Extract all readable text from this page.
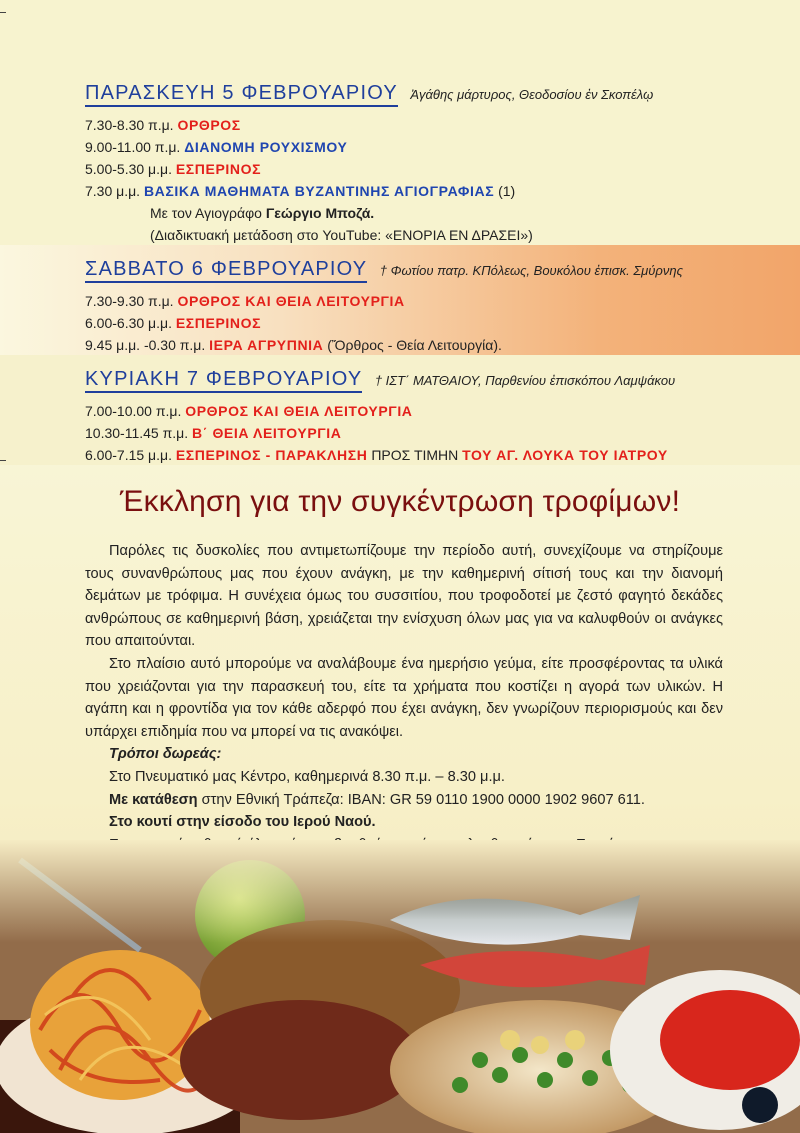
ΠΑΡΑΣΚΕΥΗ 5 ΦΕΒΡΟΥΑΡΙΟΥ Ἀγάθης μάρτυρος, Θεοδοσίου ἐν Σκοπέλῳ
7.30-8.30 π.μ. ΟΡΘΡΟΣ
9.00-11.00 π.μ. ΔΙΑΝΟΜΗ ΡΟΥΧΙΣΜΟΥ
5.00-5.30 μ.μ. ΕΣΠΕΡΙΝΟΣ
7.30 μ.μ. ΒΑΣΙΚΑ ΜΑΘΗΜΑΤΑ ΒΥΖΑΝΤΙΝΗΣ ΑΓΙΟΓΡΑΦΙΑΣ (1)
Με τον Αγιογράφο Γεώργιο Μποζά.
(Διαδικτυακή μετάδοση στο YouTube: «ΕΝΟΡΙΑ ΕΝ ΔΡΑΣΕΙ»)
ΣΑΒΒΑΤΟ 6 ΦΕΒΡΟΥΑΡΙΟΥ † Φωτίου πατρ. ΚΠόλεως, Βουκόλου ἐπισκ. Σμύρνης
7.30-9.30 π.μ. ΟΡΘΡΟΣ ΚΑΙ ΘΕΙΑ ΛΕΙΤΟΥΡΓΙΑ
6.00-6.30 μ.μ. ΕΣΠΕΡΙΝΟΣ
9.45 μ.μ. -0.30 π.μ. ΙΕΡΑ ΑΓΡΥΠΝΙΑ (Ὄρθρος - Θεία Λειτουργία).
ΚΥΡΙΑΚΗ 7 ΦΕΒΡΟΥΑΡΙΟΥ † ΙΣΤ΄ ΜΑΤΘΑΙΟΥ, Παρθενίου ἐπισκόπου Λαμψάκου
7.00-10.00 π.μ. ΟΡΘΡΟΣ ΚΑΙ ΘΕΙΑ ΛΕΙΤΟΥΡΓΙΑ
10.30-11.45 π.μ. Β΄ ΘΕΙΑ ΛΕΙΤΟΥΡΓΙΑ
6.00-7.15 μ.μ. ΕΣΠΕΡΙΝΟΣ - ΠΑΡΑΚΛΗΣΗ ΠΡΟΣ ΤΙΜΗΝ ΤΟΥ ΑΓ. ΛΟΥΚΑ ΤΟΥ ΙΑΤΡΟΥ
Έκκληση για την συγκέντρωση τροφίμων!

Παρόλες τις δυσκολίες που αντιμετωπίζουμε την περίοδο αυτή, συνεχίζουμε να στηρίζουμε τους συνανθρώπους μας που έχουν ανάγκη, με την καθημερινή σίτισή τους και την διανομή δεμάτων με τρόφιμα. Η συνέχεια όμως του συσσιτίου, που τροφοδοτεί με ζεστό φαγητό δεκάδες ανθρώπους σε καθημερινή βάση, χρειάζεται την ενίσχυση όλων μας για να καλυφθούν οι ανάγκες που απαιτούνται.

Στο πλαίσιο αυτό μπορούμε να αναλάβουμε ένα ημερήσιο γεύμα, είτε προσφέροντας τα υλικά που χρειάζονται για την παρασκευή του, είτε τα χρήματα που κοστίζει η αγορά των υλικών. Η αγάπη και η φροντίδα για τον κάθε αδερφό που έχει ανάγκη, δεν γνωρίζουν περιορισμούς και δεν υπάρχει επιδημία που να μπορεί να τις ανακόψει.

Τρόποι δωρεάς:

Στο Πνευματικό μας Κέντρο, καθημερινά 8.30 π.μ. – 8.30 μ.μ.

Με κατάθεση στην Εθνική Τράπεζα: IBAN: GR 59 0110 1900 0000 1902 9607 611.

Στο κουτί στην είσοδο του Ιερού Ναού.
